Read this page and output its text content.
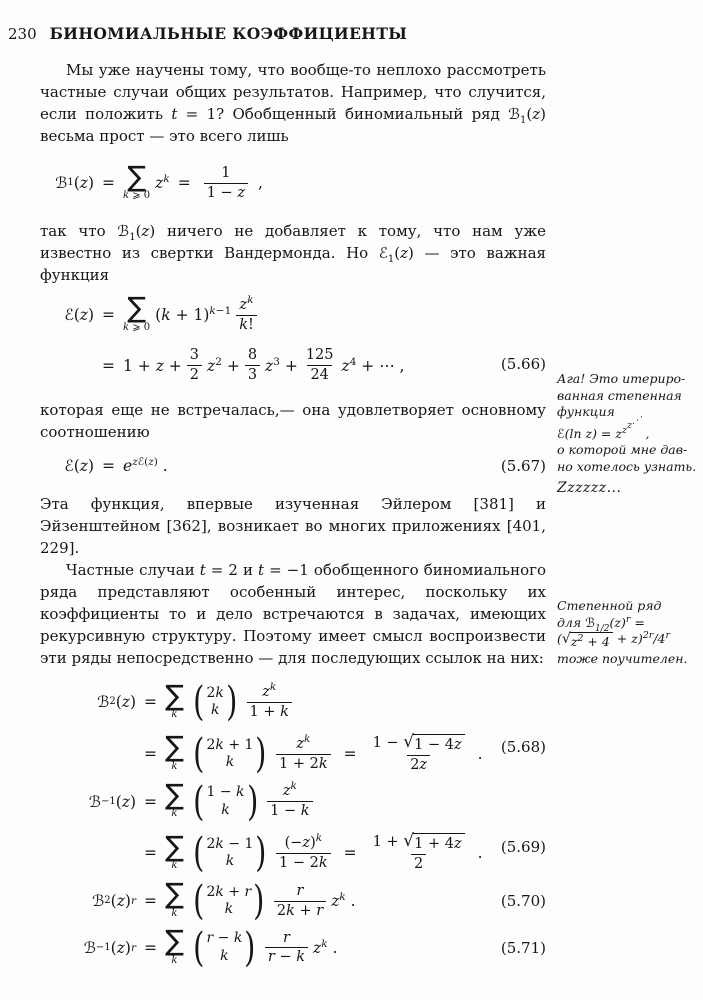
230 БИНОМИАЛЬНЫЕ КОЭФФИЦИЕНТЫ

Мы уже научены тому, что вообще-то неплохо рассмотреть частные случаи общих результатов. Например, что случится, если положить t = 1? Обобщенный биномиальный ряд ℬ$_1$(z) весьма прост — это всего лишь

ℬ 1 ( z ) = ∑
k ⩾ 0
$z^k = \frac{1}{1 - z}$ ,

так что ℬ$_1$(z) ничего не добавляет к тому, что нам уже известно из свертки Вандермонда. Но ℰ$_1$(z) — это важная функция

ℰ ( z ) = ∑
k ⩾ 0
$(k + 1)^{k-1}$ $z^k$
k!
= $1 + z + \frac{3}{2} z^2 + \frac{8}{3} z^3 + \frac{125}{24} z^4$ + ⋯ ,	(5.66)

которая еще не встречалась,— она удовлетворяет основному соотношению

ℰ ( z ) = $e^{zℰ(z)}$ .	(5.67)

Эта функция, впервые изученная Эйлером [381] и Эйзенштейном [362], возникает во многих приложениях [401, 229].

Частные случаи t = 2 и t = −1 обобщенного биномиального ряда представляют особенный интерес, поскольку их коэффициенты то и дело встречаются в задачах, имеющих рекурсивную структуру. Поэтому имеет смысл воспроизвести эти ряды непосредственно — для последующих ссылок на них:

ℬ 2 ( z ) = ∑
k ( 2k
k ) $z^k$
1 + k
= ∑
k ( 2k + 1
k ) $\frac{z^k}{1 + 2k} = \frac{1 - √ 1 - 4z}{2z}$ . (5.68)
ℬ −1 ( z ) = ∑
k ( 1 − k
k ) $z^k$
1 − k
= ∑
k ( 2k − 1
k ) $\frac{(-z)^k}{1 - 2k} = \frac{1 + √ 1 + 4z}{2}$ . (5.69)
ℬ 2 ( z ) r = ∑
k ( 2k + r
k ) r
2k + r
$z^k$ .	(5.70)
ℬ −1 ( z ) r = ∑
k ( r − k
k ) r
r − k
$z^k$ .	(5.71)
Ага! Это итериро-
ванная степенная
функция
ℰ(ln $z) = z^{z^{z^⋰}}$ ,
о которой мне дав-
но хотелось узнать.
Zzzzzz...
Степенной ряд
для $ℬ_{1/2}(z)^r$ =
( √ $z^2 + 4 + z)^{2r}/4^r$
тоже поучителен.
